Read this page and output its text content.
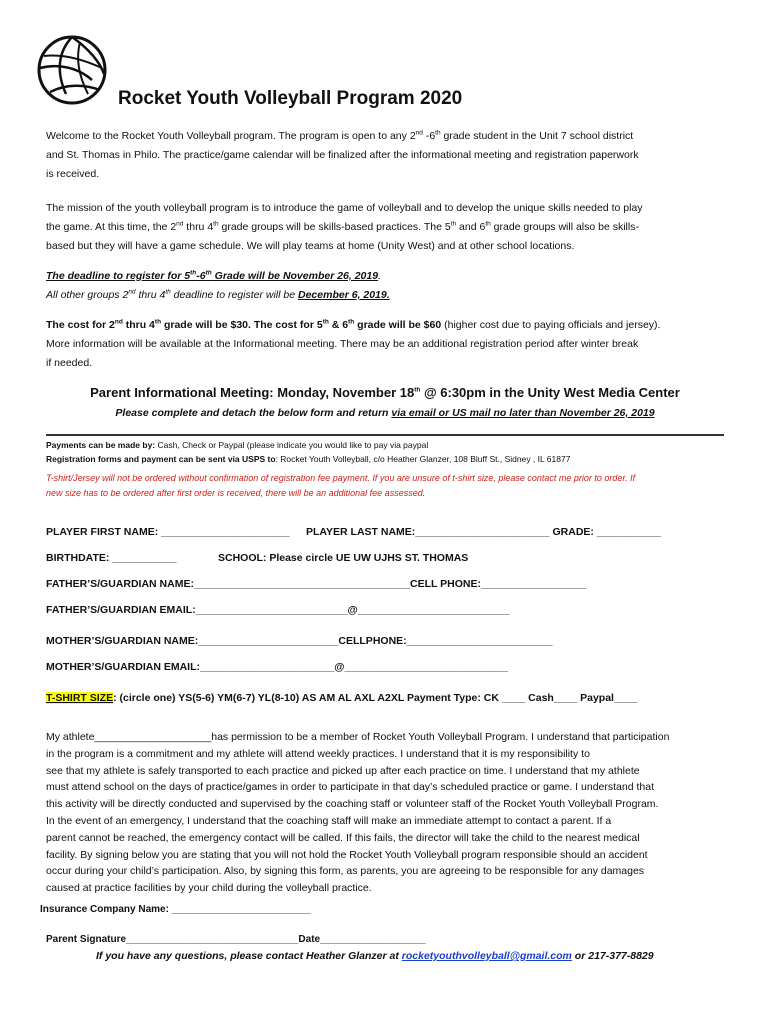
Rocket Youth Volleyball Program 2020
Welcome to the Rocket Youth Volleyball program. The program is open to any 2nd -6th grade student in the Unit 7 school district
and St. Thomas in Philo. The practice/game calendar will be finalized after the informational meeting and registration paperwork
is received.
The mission of the youth volleyball program is to introduce the game of volleyball and to develop the unique skills needed to play
the game. At this time, the 2nd thru 4th grade groups will be skills-based practices. The 5th and 6th grade groups will also be skills-
based but they will have a game schedule. We will play teams at home (Unity West) and at other school locations.
The deadline to register for 5th-6th Grade will be November 26, 2019.
All other groups 2nd thru 4th deadline to register will be December 6, 2019.
The cost for 2nd thru 4th grade will be $30. The cost for 5th & 6th grade will be $60 (higher cost due to paying officials and jersey).
More information will be available at the Informational meeting. There may be an additional registration period after winter break
if needed.
Parent Informational Meeting: Monday, November 18th @ 6:30pm in the Unity West Media Center
Please complete and detach the below form and return via email or US mail no later than November 26, 2019
Payments can be made by: Cash, Check or Paypal (please indicate you would like to pay via paypal
Registration forms and payment can be sent via USPS to: Rocket Youth Volleyball, c/o Heather Glanzer, 108 Bluff St., Sidney , IL 61877
T-shirt/Jersey will not be ordered without confirmation of registration fee payment. If you are unsure of t-shirt size, please contact me prior to order. If
new size has to be ordered after first order is received, there will be an additional fee assessed.
PLAYER FIRST NAME: ______________________ PLAYER LAST NAME:_______________________ GRADE: ___________
BIRTHDATE: ___________	SCHOOL: Please circle UE UW UJHS ST. THOMAS
FATHER’S/GUARDIAN NAME:_____________________________________CELL PHONE:__________________
FATHER’S/GUARDIAN EMAIL:__________________________@__________________________
MOTHER’S/GUARDIAN NAME:________________________CELLPHONE:_________________________
MOTHER’S/GUARDIAN EMAIL:_______________________@____________________________
T-SHIRT SIZE: (circle one) YS(5-6) YM(6-7) YL(8-10) AS AM AL AXL A2XL Payment Type: CK ____ Cash____ Paypal____
My athlete____________________has permission to be a member of Rocket Youth Volleyball Program. I understand that participation
in the program is a commitment and my athlete will attend weekly practices. I understand that it is my responsibility to
see that my athlete is safely transported to each practice and picked up after each practice on time. I understand that my athlete
must attend school on the days of practice/games in order to participate in that day’s scheduled practice or game. I understand that
this activity will be directly conducted and supervised by the coaching staff or volunteer staff of the Rocket Youth Volleyball Program.
In the event of an emergency, I understand that the coaching staff will make an immediate attempt to contact a parent. If a
parent cannot be reached, the emergency contact will be called. If this fails, the director will take the child to the nearest medical
facility. By signing below you are stating that you will not hold the Rocket Youth Volleyball program responsible should an accident
occur during your child’s participation. Also, by signing this form, as parents, you are agreeing to be responsible for any damages
caused at practice facilities by your child during the volleyball practice.
Insurance Company Name: _________________________
Parent Signature_______________________________Date___________________
If you have any questions, please contact Heather Glanzer at rocketyouthvolleyball@gmail.com or 217-377-8829
